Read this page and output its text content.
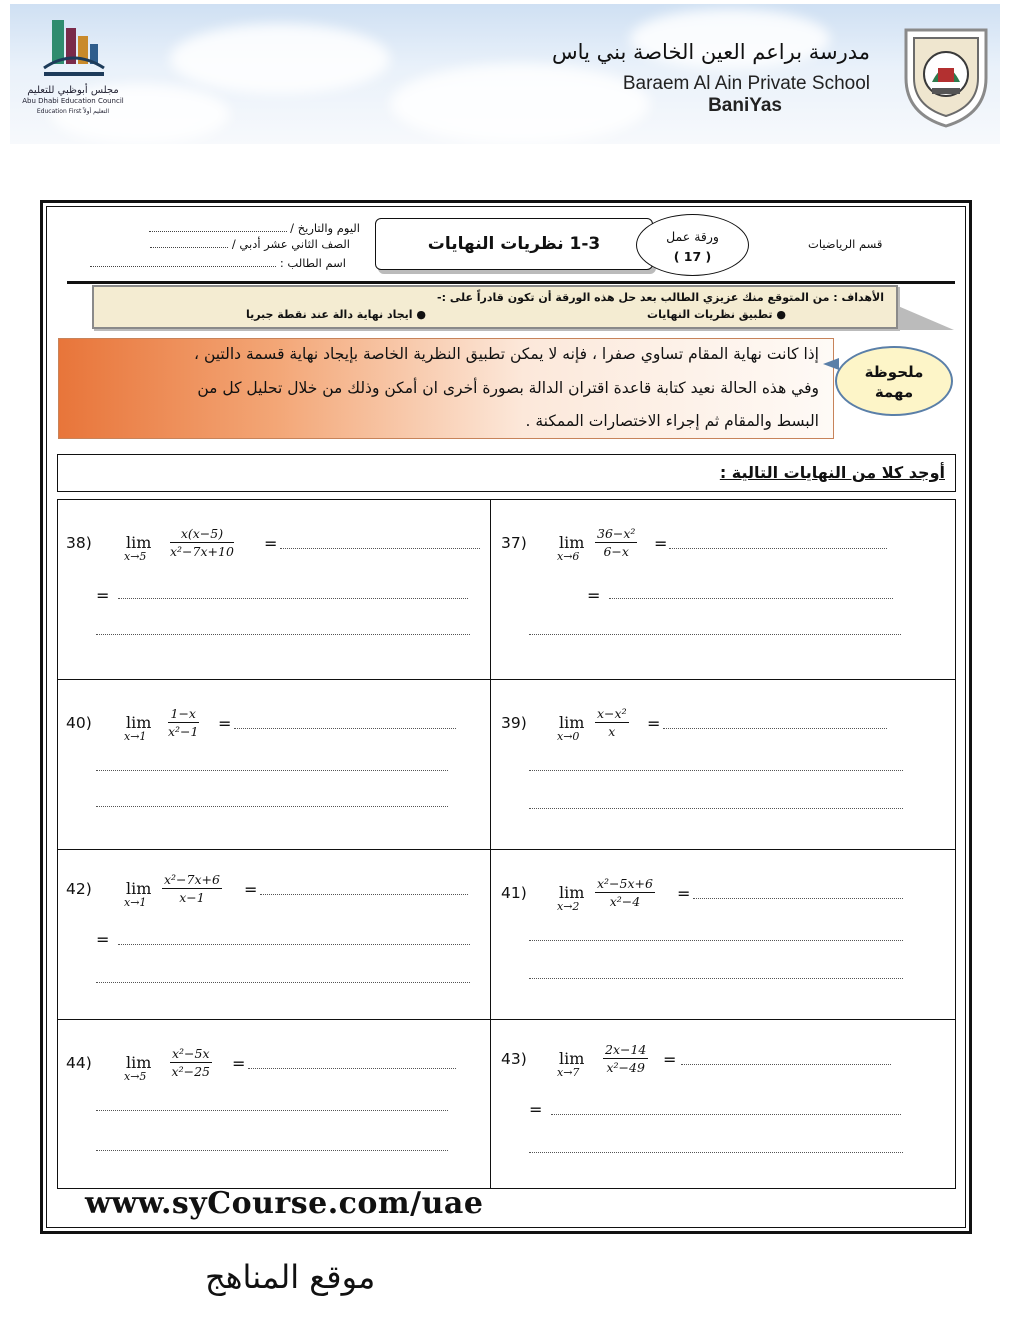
مجلس أبوظبي للتعليم
Abu Dhabi Education Council
Education First التعليم أولاً
مدرسة براعم العين الخاصة بني ياس
Baraem Al Ain Private School
BaniYas
اليوم والتاريخ /
الصف الثاني عشر أدبي /
اسم الطالب :
1-3 نظريات النهايات	ورقة عمل
( 17 )
قسم الرياضيات
الأهداف : من المتوقع منك عزيزي الطالب بعد حل هذه الورقة أن تكون قادراً على :-
● تطبيق نظريات النهايات
● ايجاد نهاية دالة عند نقطة جبريا
إذا كانت نهاية المقام تساوي صفرا ، فإنه لا يمكن تطبيق النظرية الخاصة بإيجاد نهاية قسمة دالتين ،
وفي هذه الحالة نعيد كتابة قاعدة اقتران الدالة بصورة أخرى ان أمكن وذلك من خلال تحليل كل من
البسط والمقام ثم إجراء الاختصارات الممكنة .
ملحوظة
مهمة
أوجد كلا من النهايات التالية :
37) lim
x→6	$\frac{\text{36−x²}}{6-x}$ =
=
38) lim
x→5	$\frac{x(x-5)}{\text{x²−7x+10}}$ =
=
39) lim
x→0	$\frac{\text{x−x²}}{x}$ =
40) lim
x→1	$\frac{1-x}{\text{x²−1}}$ =
41) lim
x→2	$\frac{\text{x²−5x+6}}{\text{x²−4}}$ =
42) lim
x→1	$\frac{\text{x²−7x+6}}{x-1}$ =
=
43) lim
x→7	$\frac{2x-14}{\text{x²−49}}$ =
=
44) lim
x→5	$\frac{\text{x²−5x}}{\text{x²−25}}$ =
www.syCourse.com/uae
موقع المناهج
